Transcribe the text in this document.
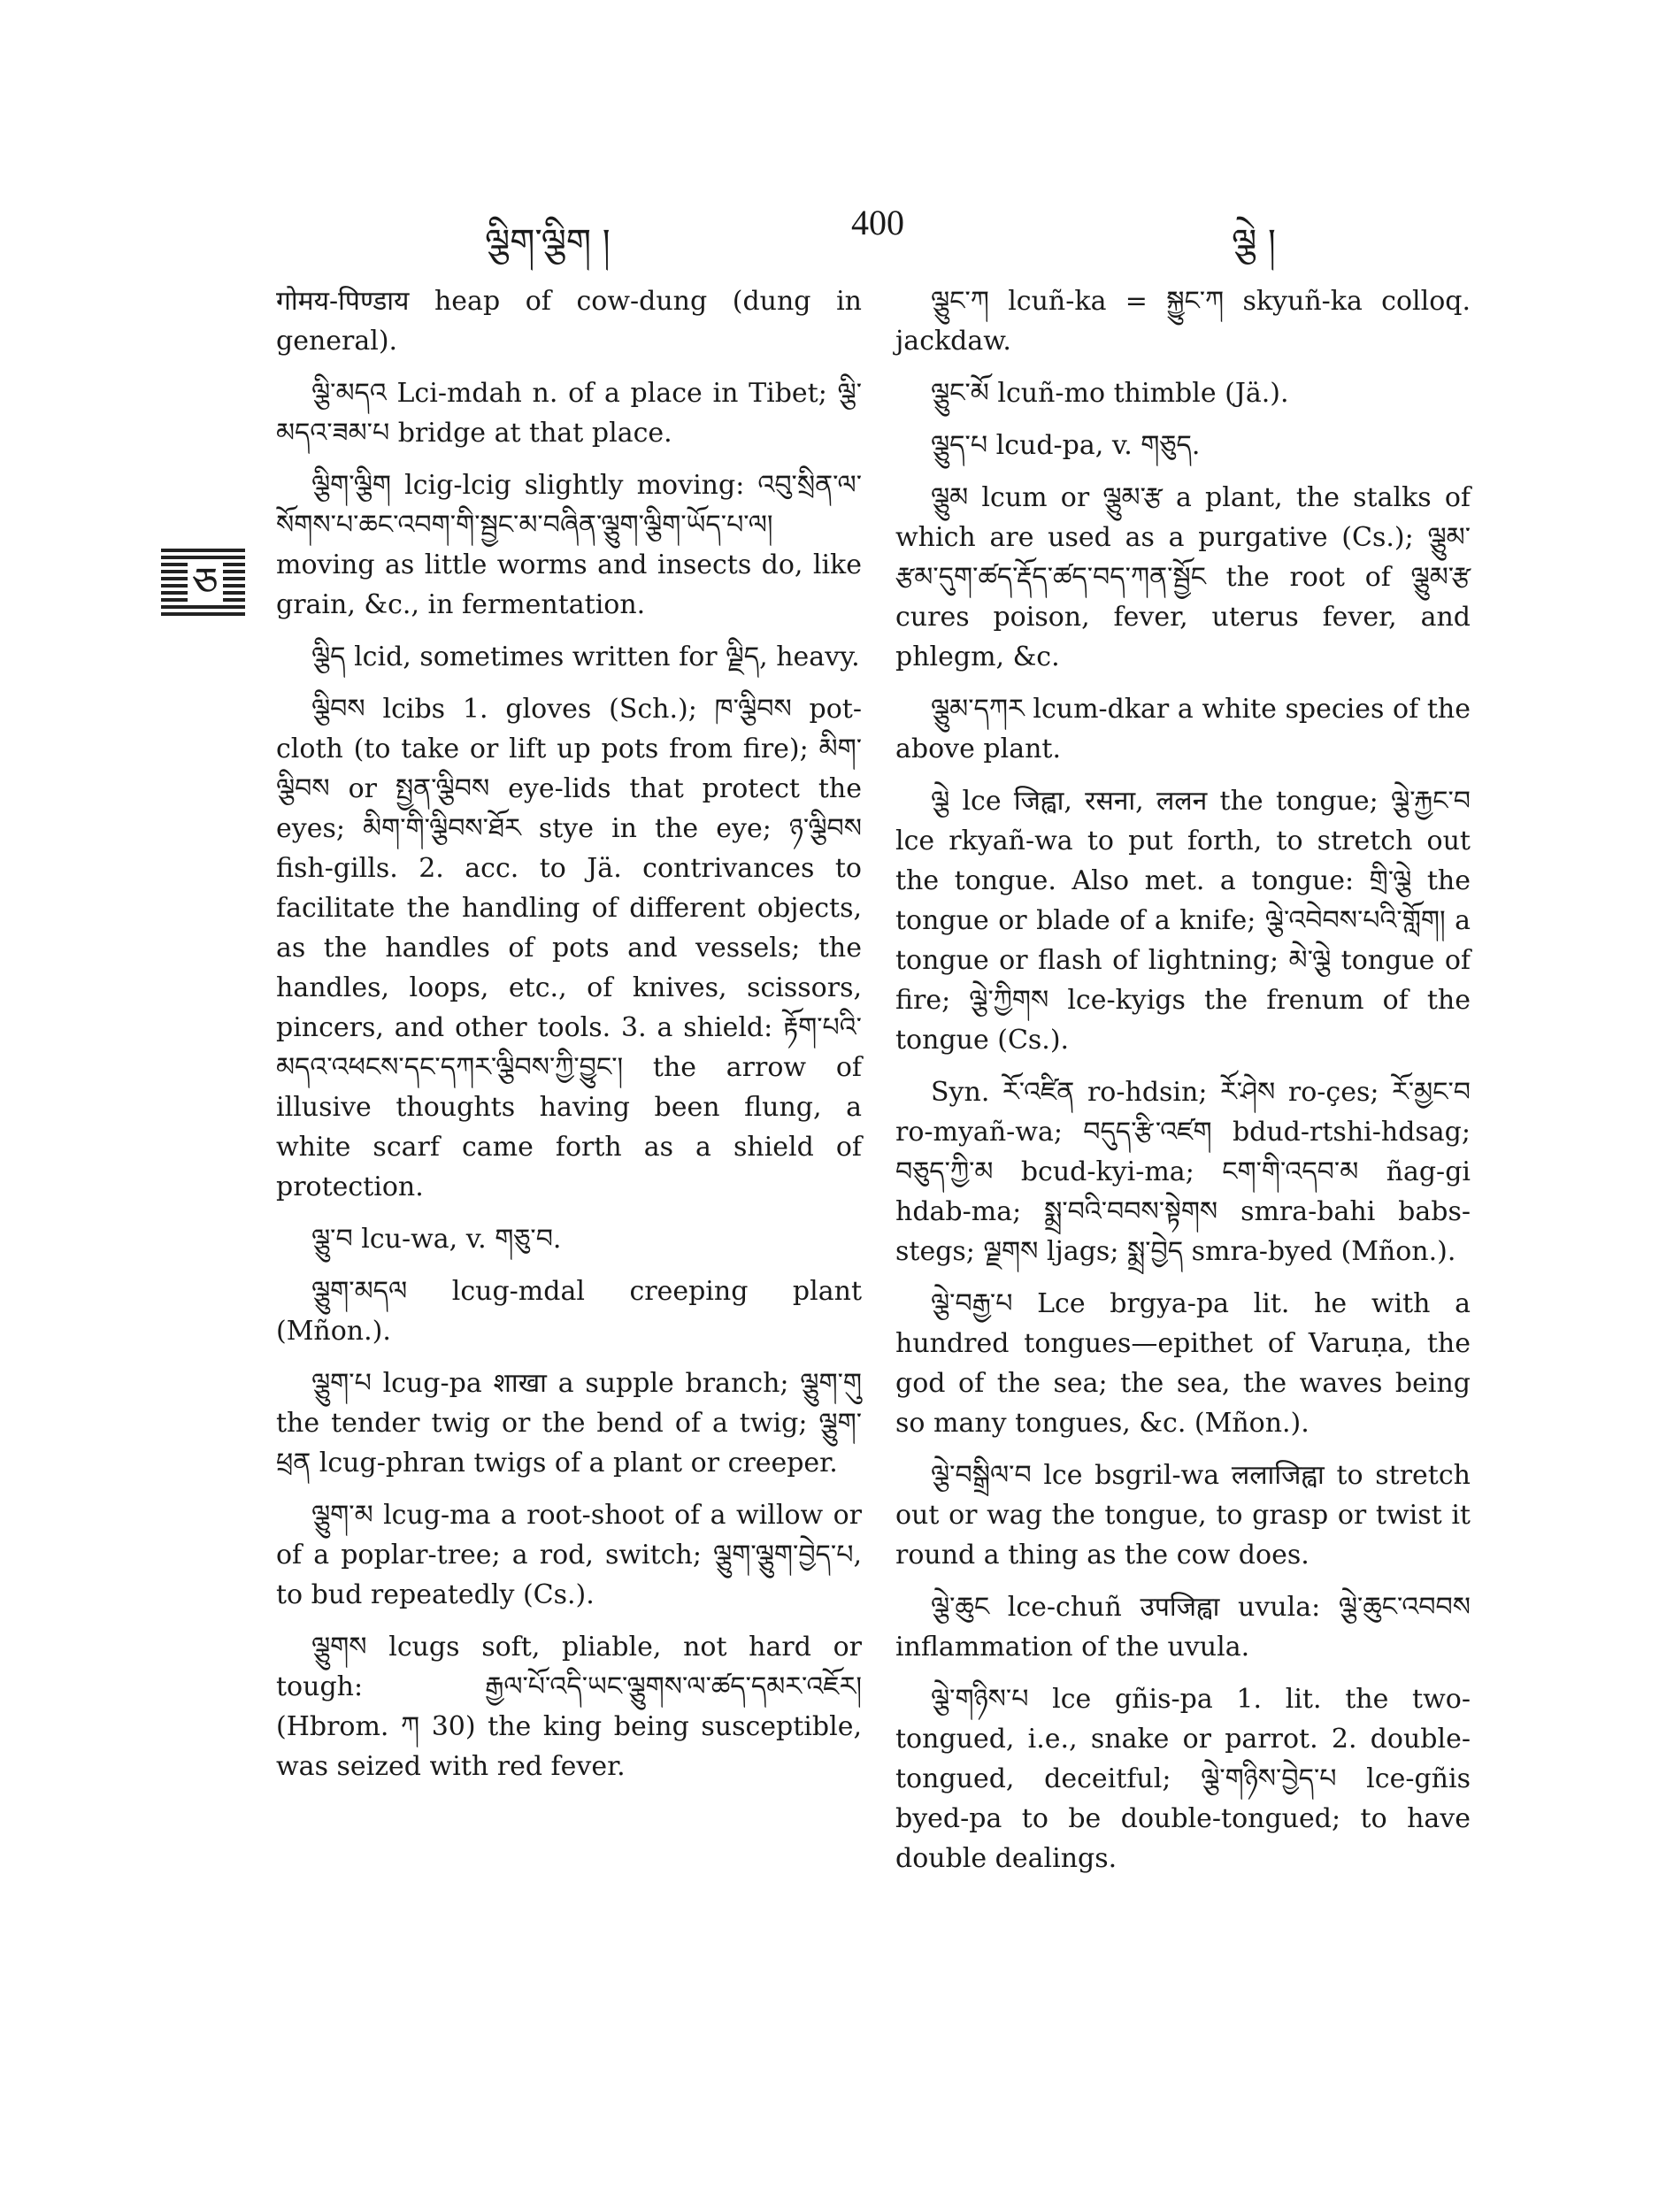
ལྕིག་ལྕིག །	400	ལྕེ །
ཅ

गोमय-पिण्डाय heap of cow-dung (dung in general).

ལྕི་མདའ Lci-mdah n. of a place in Tibet; ལྕི་མདའ་ཟམ་པ bridge at that place.

ལྕིག་ལྕིག lcig-lcig slightly moving: འབུ་སྲིན་ལ་སོགས་པ་ཆང་འབག་གི་སྦྱང་མ་བཞིན་ལྕུག་ལྕིག་ཡོད་པ་ལ། moving as little worms and insects do, like grain, &c., in fermentation.

ལྕིད lcid, sometimes written for ལྗིད, heavy.

ལྕིབས lcibs 1. gloves (Sch.); ཁ་ལྕིབས pot-cloth (to take or lift up pots from fire); མིག་ལྕིབས or སྤྱན་ལྕིབས eye-lids that protect the eyes; མིག་གི་ལྕིབས་ཐོར stye in the eye; ཉ་ལྕིབས fish-gills. 2. acc. to Jä. contrivances to facilitate the handling of different objects, as the handles of pots and vessels; the handles, loops, etc., of knives, scissors, pincers, and other tools. 3. a shield: རྟོག་པའི་མདའ་འཕངས་དང་དཀར་ལྕིབས་ཀྱི་བྱུང་། the arrow of illusive thoughts having been flung, a white scarf came forth as a shield of protection.

ལྕུ་བ lcu-wa, v. གཅུ་བ.

ལྕུག་མདལ lcug-mdal creeping plant (Mñon.).

ལྕུག་པ lcug-pa शाखा a supple branch; ལྕུག་གུ the tender twig or the bend of a twig; ལྕུག་ཕྲན lcug-phran twigs of a plant or creeper.

ལྕུག་མ lcug-ma a root-shoot of a willow or of a poplar-tree; a rod, switch; ལྕུག་ལྕུག་བྱེད་པ, to bud repeatedly (Cs.).

ལྕུགས lcugs soft, pliable, not hard or tough: རྒྱལ་པོ་འདི་ཡང་ལྕུགས་ལ་ཚད་དམར་འཇོར། (Hbrom. ཀ 30) the king being susceptible, was seized with red fever.

ལྕུང་ཀ lcuñ-ka = སྐྱུང་ཀ skyuñ-ka colloq. jackdaw.

ལྕུང་མོ lcuñ-mo thimble (Jä.).

ལྕུད་པ lcud-pa, v. གཅུད.

ལྕུམ lcum or ལྕུམ་རྩ a plant, the stalks of which are used as a purgative (Cs.); ལྕུམ་རྩམ་དུག་ཚད་རྡོད་ཚད་བད་ཀན་སྦྱོང the root of ལྕུམ་རྩ cures poison, fever, uterus fever, and phlegm, &c.

ལྕུམ་དཀར lcum-dkar a white species of the above plant.

ལྕེ lce जिह्वा, रसना, ललन the tongue; ལྕེ་རྐྱང་བ lce rkyañ-wa to put forth, to stretch out the tongue. Also met. a tongue: གྲི་ལྕེ the tongue or blade of a knife; ལྕེ་འབེབས་པའི་གློག། a tongue or flash of lightning; མེ་ལྕེ tongue of fire; ལྕེ་ཀྱིགས lce-kyigs the frenum of the tongue (Cs.).

Syn. རོ་འཛིན ro-hdsin; རོ་ཤེས ro-çes; རོ་མྱང་བ ro-myañ-wa; བདུད་རྩི་འཛག bdud-rtshi-hdsag; བཅུད་ཀྱི་མ bcud-kyi-ma; ངག་གི་འདབ་མ ñag-gi hdab-ma; སྨྲ་བའི་བབས་སྟེགས smra-bahi babs-stegs; ལྗགས ljags; སྨྲ་བྱེད smra-byed (Mñon.).

ལྕེ་བརྒྱ་པ Lce brgya-pa lit. he with a hundred tongues—epithet of Varuṇa, the god of the sea; the sea, the waves being so many tongues, &c. (Mñon.).

ལྕེ་བསྒྲིལ་བ lce bsgril-wa ललाजिह्वा to stretch out or wag the tongue, to grasp or twist it round a thing as the cow does.

ལྕེ་ཆུང lce-chuñ उपजिह्वा uvula: ལྕེ་ཆུང་འབབས inflammation of the uvula.

ལྕེ་གཉིས་པ lce gñis-pa 1. lit. the two-tongued, i.e., snake or parrot. 2. double-tongued, deceitful; ལྕེ་གཉིས་བྱེད་པ lce-gñis byed-pa to be double-tongued; to have double dealings.
